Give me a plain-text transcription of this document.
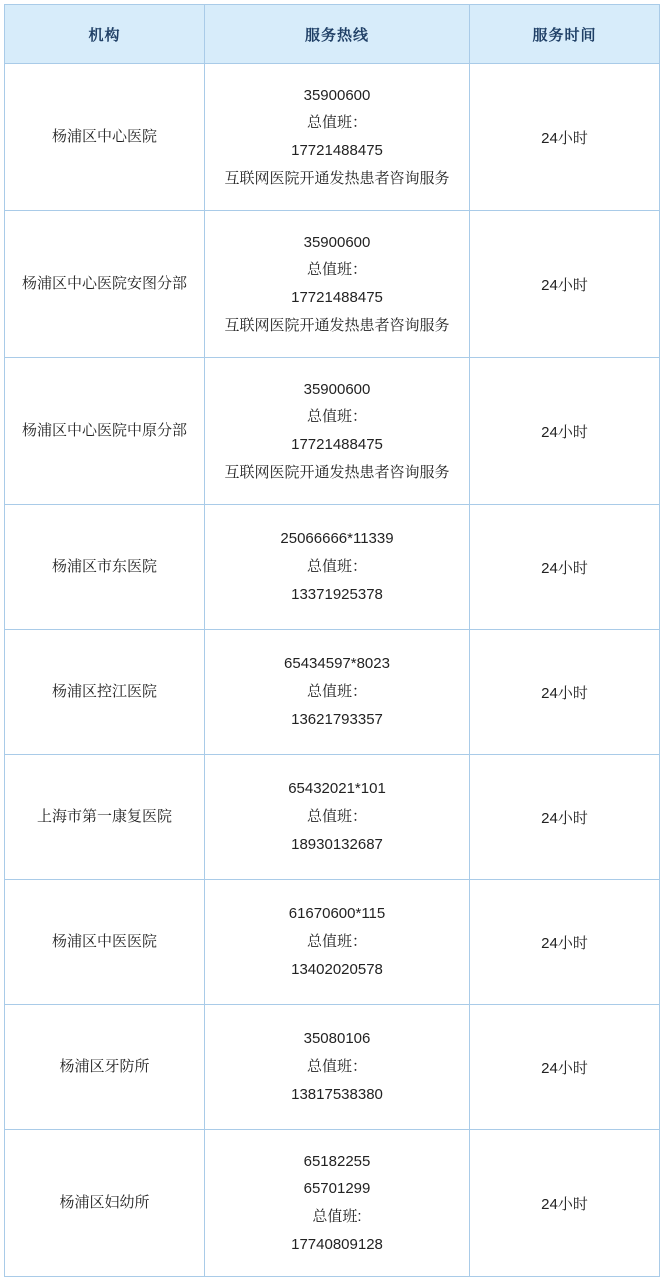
机构	服务热线	服务时间
杨浦区中心医院	35900600
总值班：
17721488475
互联网医院开通发热患者咨询服务	24小时
杨浦区中心医院安图分部	35900600
总值班：
17721488475
互联网医院开通发热患者咨询服务	24小时
杨浦区中心医院中原分部	35900600
总值班：
17721488475
互联网医院开通发热患者咨询服务	24小时
杨浦区市东医院	25066666*11339
总值班：
13371925378	24小时
杨浦区控江医院	65434597*8023
总值班：
13621793357	24小时
上海市第一康复医院	65432021*101
总值班：
18930132687	24小时
杨浦区中医医院	61670600*115
总值班：
13402020578	24小时
杨浦区牙防所	35080106
总值班：
13817538380	24小时
杨浦区妇幼所	65182255
65701299
总值班:
17740809128	24小时
